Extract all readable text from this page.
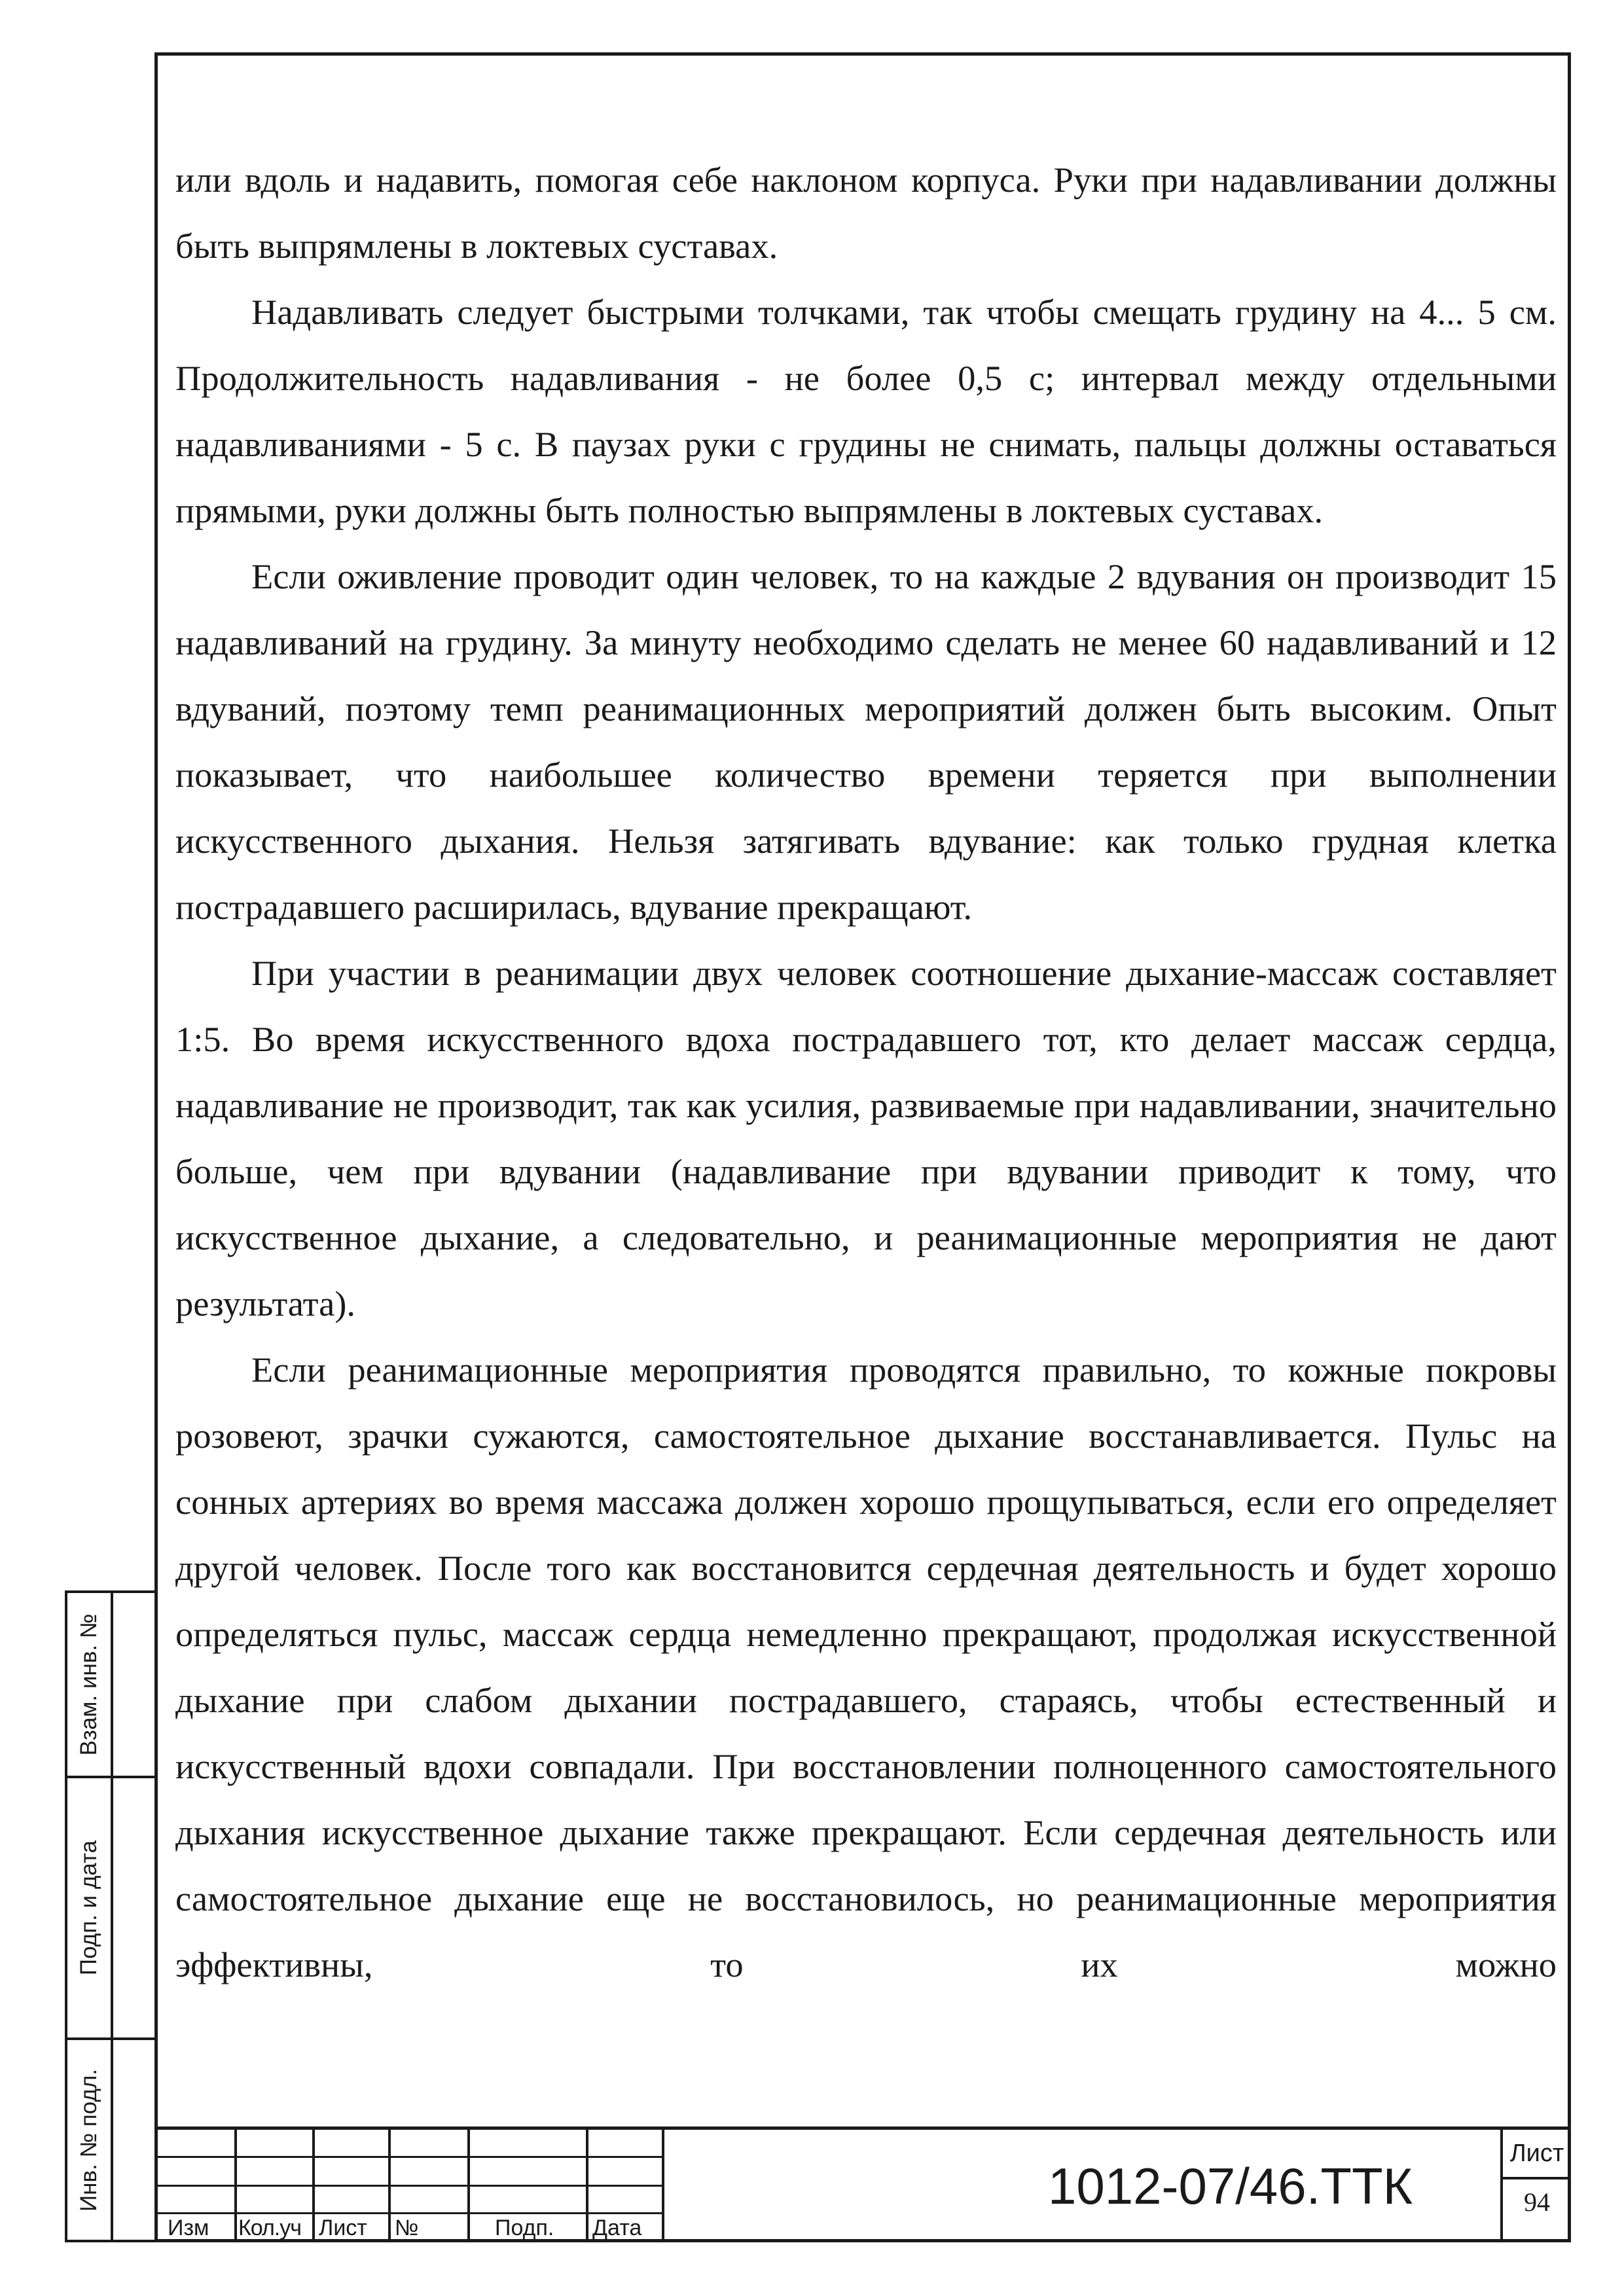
или вдоль и надавить, помогая себе наклоном корпуса. Руки при надавливании должны быть выпрямлены в локтевых суставах.

Надавливать следует быстрыми толчками, так чтобы смещать грудину на 4... 5 см. Продолжительность надавливания - не более 0,5 с; интервал между отдельными надавливаниями - 5 с. В паузах руки с грудины не снимать, пальцы должны оставаться прямыми, руки должны быть полностью выпрямлены в локтевых суставах.

Если оживление проводит один человек, то на каждые 2 вдувания он производит 15 надавливаний на грудину. За минуту необходимо сделать не менее 60 надавливаний и 12 вдуваний, поэтому темп реанимационных мероприятий должен быть высоким. Опыт показывает, что наибольшее количество времени теряется при выполнении искусственного дыхания. Нельзя затягивать вдувание: как только грудная клетка пострадавшего расширилась, вдувание прекращают.

При участии в реанимации двух человек соотношение дыхание-массаж составляет 1:5. Во время искусственного вдоха пострадавшего тот, кто делает массаж сердца, надавливание не производит, так как усилия, развиваемые при надавливании, значительно больше, чем при вдувании (надавливание при вдувании приводит к тому, что искусственное дыхание, а следовательно, и реанимационные мероприятия не дают результата).

Если реанимационные мероприятия проводятся правильно, то кожные покровы розовеют, зрачки сужаются, самостоятельное дыхание восстанавливается. Пульс на сонных артериях во время массажа должен хорошо прощупываться, если его определяет другой человек. После того как восстановится сердечная деятельность и будет хорошо определяться пульс, массаж сердца немедленно прекращают, продолжая искусственной дыхание при слабом дыхании пострадавшего, стараясь, чтобы естественный и искусственный вдохи совпадали. При восстановлении полноценного самостоятельного дыхания искусственное дыхание также прекращают. Если сердечная деятельность или самостоятельное дыхание еще не восстановилось, но реанимационные мероприятия эффективны, то их можно

Взам. инв. №
Подп. и дата
Инв. № подл.
Изм	Кол.уч Лист	№	Подп.	Дата
1012-07/46.ТТК
Лист
94
